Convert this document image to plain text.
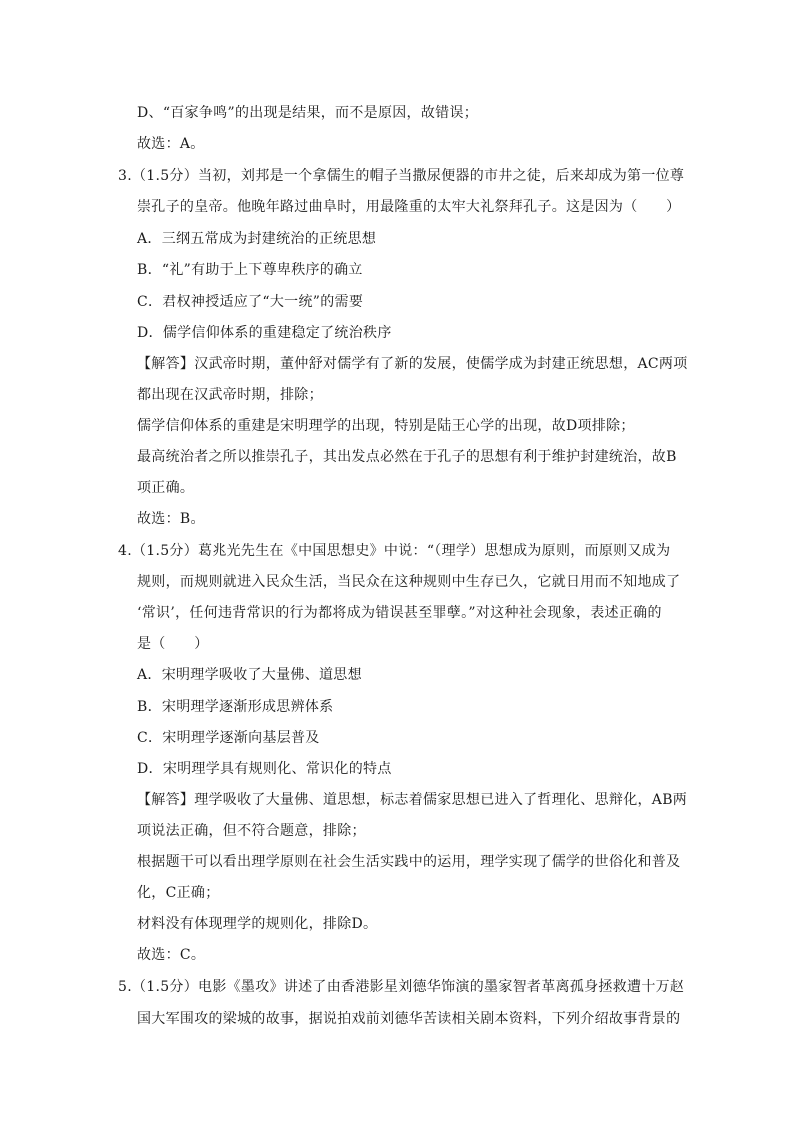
D、“百家争鸣”的出现是结果，而不是原因，故错误；
故选：A。
3.（1.5分）当初，刘邦是一个拿儒生的帽子当撒尿便器的市井之徒，后来却成为第一位尊
崇孔子的皇帝。他晚年路过曲阜时，用最隆重的太牢大礼祭拜孔子。这是因为（　　）
A．三纲五常成为封建统治的正统思想
B．“礼”有助于上下尊卑秩序的确立
C．君权神授适应了“大一统”的需要
D．儒学信仰体系的重建稳定了统治秩序
【解答】汉武帝时期，董仲舒对儒学有了新的发展，使儒学成为封建正统思想，AC两项
都出现在汉武帝时期，排除；
儒学信仰体系的重建是宋明理学的出现，特别是陆王心学的出现，故D项排除；
最高统治者之所以推崇孔子，其出发点必然在于孔子的思想有利于维护封建统治，故B
项正确。
故选：B。
4.（1.5分）葛兆光先生在《中国思想史》中说：“（理学）思想成为原则，而原则又成为
规则，而规则就进入民众生活，当民众在这种规则中生存已久，它就日用而不知地成了
‘常识’，任何违背常识的行为都将成为错误甚至罪孽。”对这种社会现象，表述正确的
是（　　）
A．宋明理学吸收了大量佛、道思想
B．宋明理学逐渐形成思辨体系
C．宋明理学逐渐向基层普及
D．宋明理学具有规则化、常识化的特点
【解答】理学吸收了大量佛、道思想，标志着儒家思想已进入了哲理化、思辩化，AB两
项说法正确，但不符合题意，排除；
根据题干可以看出理学原则在社会生活实践中的运用，理学实现了儒学的世俗化和普及
化，C正确；
材料没有体现理学的规则化，排除D。
故选：C。
5.（1.5分）电影《墨攻》讲述了由香港影星刘德华饰演的墨家智者革离孤身拯救遭十万赵
国大军围攻的梁城的故事，据说拍戏前刘德华苦读相关剧本资料，下列介绍故事背景的
